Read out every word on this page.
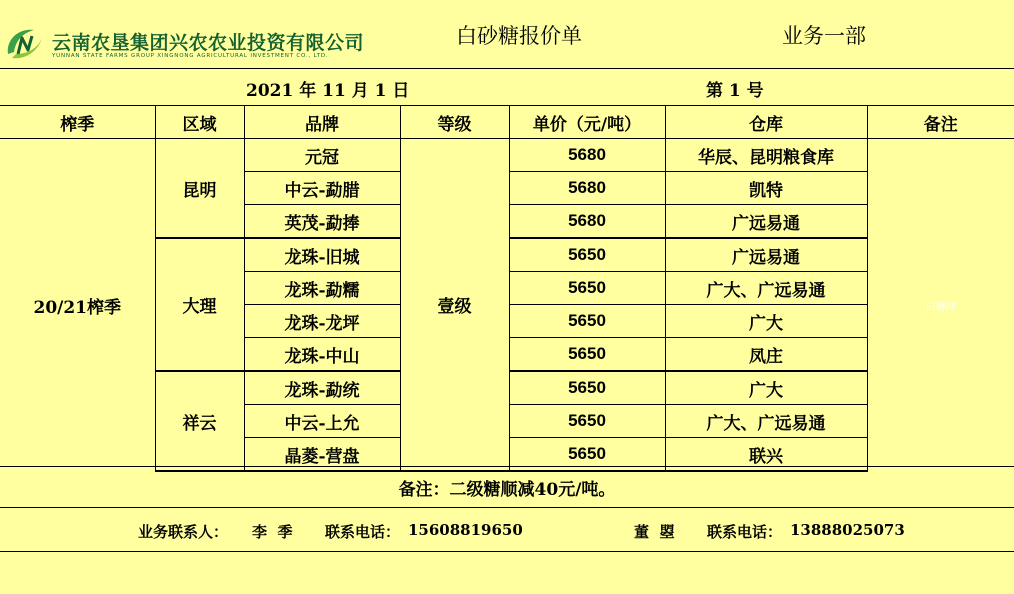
云南农垦集团兴农农业投资有限公司
YUNNAN STATE FARMS GROUP XINGNONG AGRICULTURAL INVESTMENT CO., LTD.
白砂糖报价单	业务一部
2021 年 11 月 1 日	第 1 号
榨季	区域	品牌	等级	单价（元/吨）	仓库	备注
20/21榨季	昆明	元冠	壹级	5680	华辰、昆明粮食库	白糖网
		中云-勐腊		5680	凯特	
		英茂-勐捧		5680	广远易通	
	大理	龙珠-旧城		5650	广远易通	
		龙珠-勐糯		5650	广大、广远易通	
		龙珠-龙坪		5650	广大	
		龙珠-中山		5650	凤庄	
	祥云	龙珠-勐统		5650	广大	
		中云-上允		5650	广大、广远易通	
		晶菱-营盘		5650	联兴	
备注：二级糖顺减40元/吨。
业务联系人： 李  季 联系电话： 15608819650	董  曌 联系电话： 13888025073
